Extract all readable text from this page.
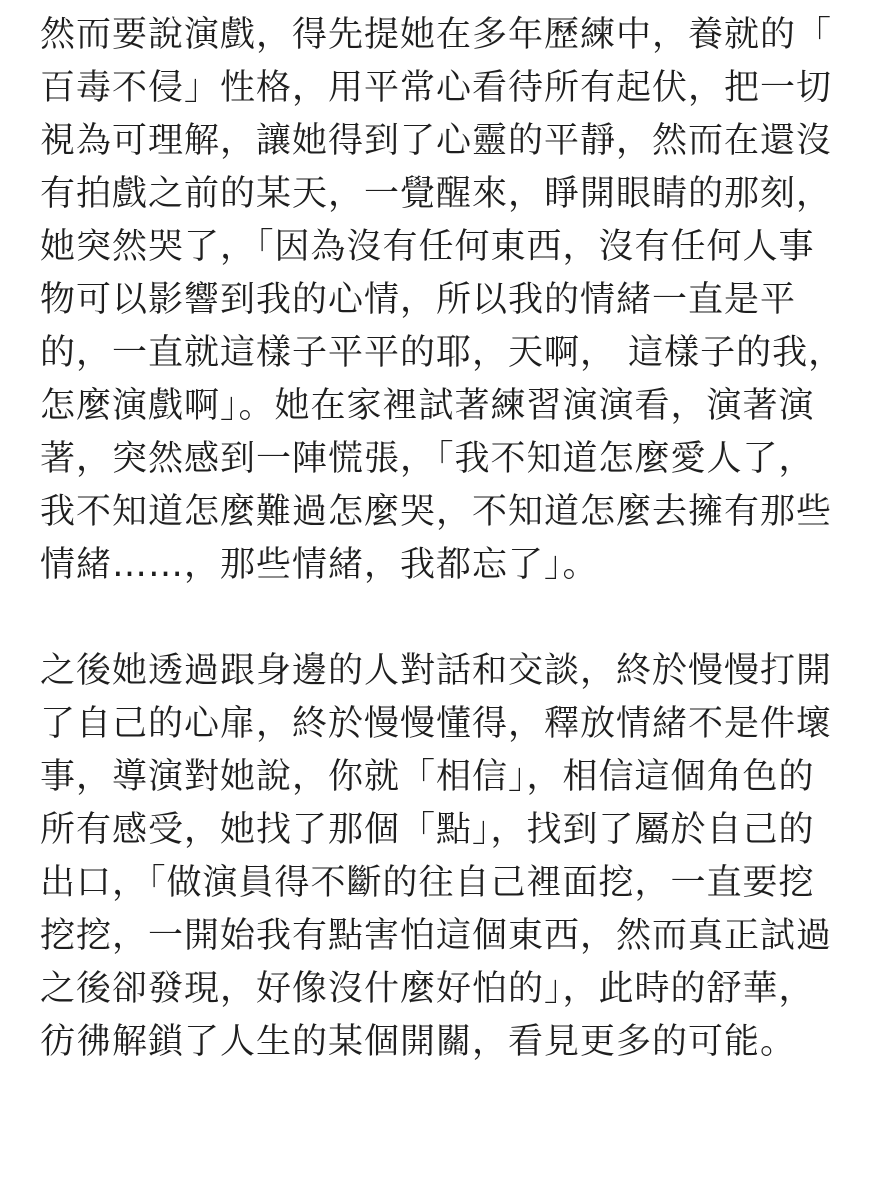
然而要說演戲，得先提她在多年歷練中，養就的「
百毒不侵」性格，用平常心看待所有起伏，把一切
視為可理解，讓她得到了心靈的平靜，然而在還沒
有拍戲之前的某天，一覺醒來，睜開眼睛的那刻，
她突然哭了，「因為沒有任何東西，沒有任何人事
物可以影響到我的心情，所以我的情緒一直是平
的，一直就這樣子平平的耶，天啊， 這樣子的我，
怎麼演戲啊」。她在家裡試著練習演演看，演著演
著，突然感到一陣慌張，「我不知道怎麼愛人了，
我不知道怎麼難過怎麼哭，不知道怎麼去擁有那些
情緒……，那些情緒，我都忘了」。
之後她透過跟身邊的人對話和交談，終於慢慢打開
了自己的心扉，終於慢慢懂得，釋放情緒不是件壞
事，導演對她說，你就「相信」，相信這個角色的
所有感受，她找了那個「點」，找到了屬於自己的
出口，「做演員得不斷的往自己裡面挖，一直要挖
挖挖，一開始我有點害怕這個東西，然而真正試過
之後卻發現，好像沒什麼好怕的」，此時的舒華，
彷彿解鎖了人生的某個開關，看見更多的可能。
